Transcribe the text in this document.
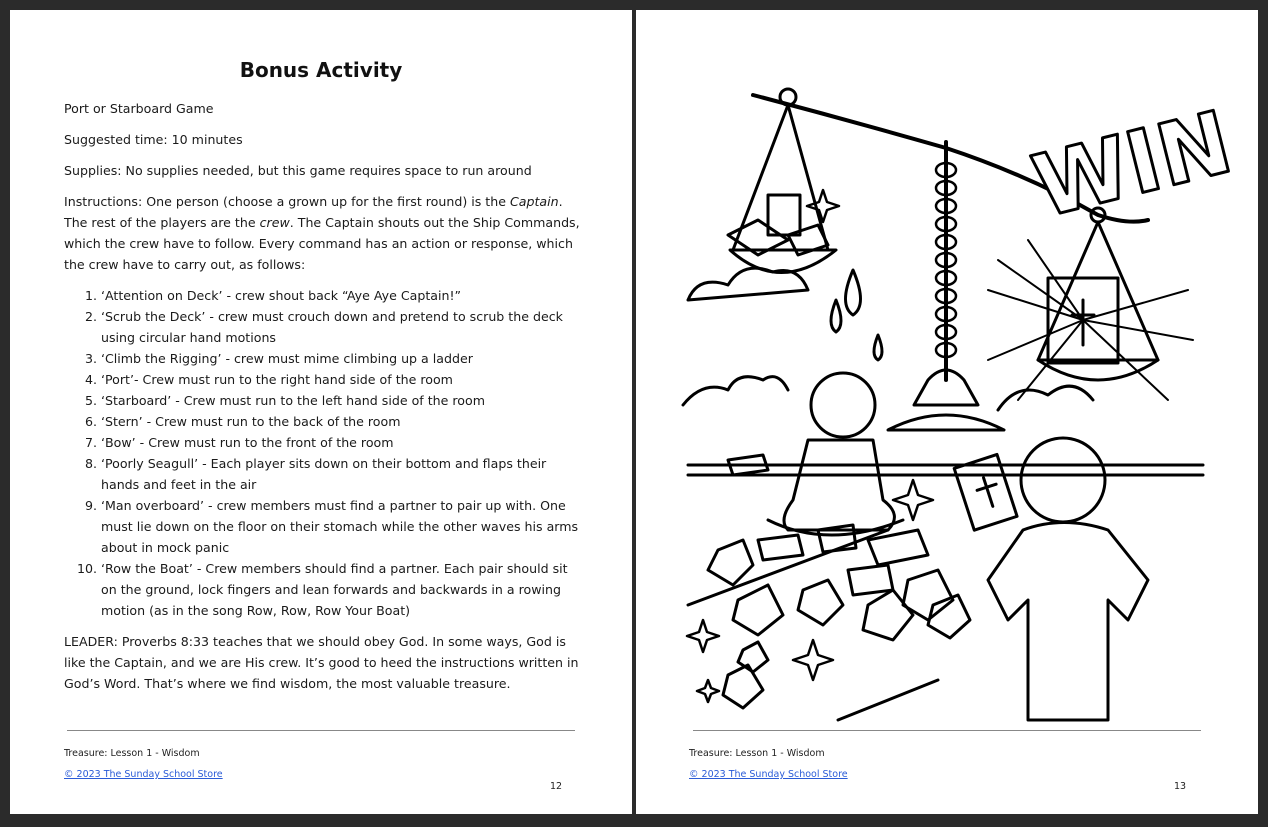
Bonus Activity

Port or Starboard Game

Suggested time: 10 minutes

Supplies: No supplies needed, but this game requires space to run around

Instructions: One person (choose a grown up for the first round) is the Captain. The rest of the players are the crew. The Captain shouts out the Ship Commands, which the crew have to follow. Every command has an action or response, which the crew have to carry out, as follows:

1. ‘Attention on Deck’ - crew shout back “Aye Aye Captain!”
2. ‘Scrub the Deck’ - crew must crouch down and pretend to scrub the deck using circular hand motions
3. ‘Climb the Rigging’ - crew must mime climbing up a ladder
4. ‘Port’- Crew must run to the right hand side of the room
5. ‘Starboard’ - Crew must run to the left hand side of the room
6. ‘Stern’ - Crew must run to the back of the room
7. ‘Bow’ - Crew must run to the front of the room
8. ‘Poorly Seagull’ - Each player sits down on their bottom and flaps their hands and feet in the air
9. ‘Man overboard’ - crew members must find a partner to pair up with. One must lie down on the floor on their stomach while the other waves his arms about in mock panic
10. ‘Row the Boat’ - Crew members should find a partner. Each pair should sit on the ground, lock fingers and lean forwards and backwards in a rowing motion (as in the song Row, Row, Row Your Boat)

LEADER: Proverbs 8:33 teaches that we should obey God. In some ways, God is like the Captain, and we are His crew. It’s good to heed the instructions written in God’s Word. That’s where we find wisdom, the most valuable treasure.

Treasure: Lesson 1 - Wisdom
© 2023 The Sunday School Store
12
WIN
Treasure: Lesson 1 - Wisdom
© 2023 The Sunday School Store
13
